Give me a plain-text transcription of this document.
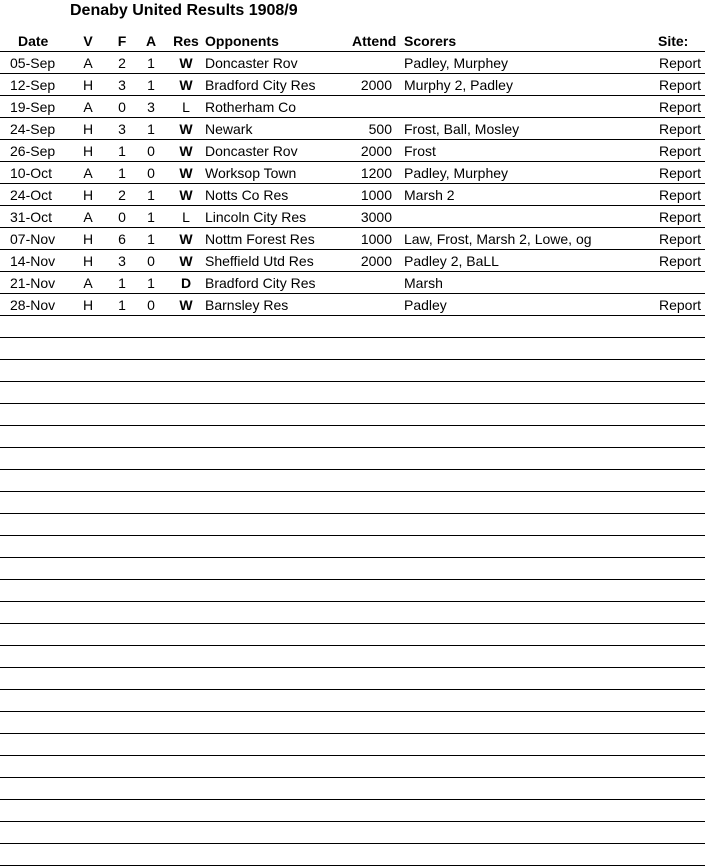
Denaby United Results 1908/9
Date	V F A Res Opponents	Attend Scorers	Site:
05-Sep	A 2 1	W Doncaster Rov	Padley, Murphey	Report
12-Sep	H 3 1	W Bradford City Res	2000 Murphy 2, Padley	Report
19-Sep	A 0 3	L	Rotherham Co	Report
24-Sep	H 3 1	W Newark	500 Frost, Ball, Mosley	Report
26-Sep	H 1 0	W Doncaster Rov	2000 Frost	Report
10-Oct	A 1 0	W Worksop Town	1200 Padley, Murphey	Report
24-Oct	H 2 1	W Notts Co Res	1000 Marsh 2	Report
31-Oct	A 0 1	L	Lincoln City Res	3000	Report
07-Nov	H 6 1	W Nottm Forest Res	1000 Law, Frost, Marsh 2, Lowe, og	Report
14-Nov	H 3 0	W Sheffield Utd Res	2000 Padley 2, BaLL	Report
21-Nov	A 1 1	D Bradford City Res	Marsh
28-Nov	H 1 0	W Barnsley Res	Padley	Report
